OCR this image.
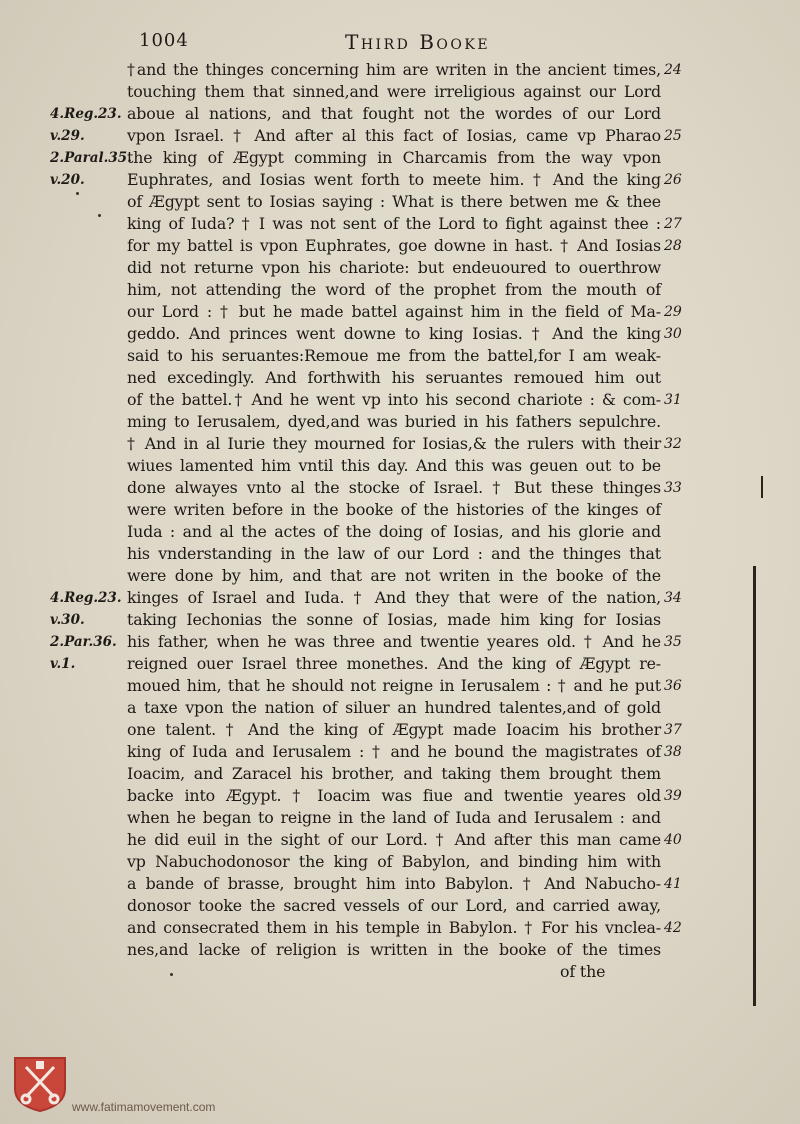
1004	Third Booke
†and the thinges concerning him are writen in the ancient times,
touching them that sinned,and were irreligious against our Lord
aboue al nations, and that fought not the wordes of our Lord
vpon Israel. † And after al this fact of Iosias, came vp Pharao
the king of Ægypt comming in Charcamis from the way vpon
Euphrates, and Iosias went forth to meete him. † And the king
of Ægypt sent to Iosias saying : What is there betwen me & thee
king of Iuda? † I was not sent of the Lord to fight against thee :
for my battel is vpon Euphrates, goe downe in hast. † And Iosias
did not returne vpon his chariote: but endeuoured to ouerthrow
him, not attending the word of the prophet from the mouth of
our Lord : † but he made battel against him in the field of Ma-
geddo. And princes went downe to king Iosias. † And the king
said to his seruantes:Remoue me from the battel,for I am weak-
ned excedingly. And forthwith his seruantes remoued him out
of the battel.† And he went vp into his second chariote : & com-
ming to Ierusalem, dyed,and was buried in his fathers sepulchre.
† And in al Iurie they mourned for Iosias,& the rulers with their
wiues lamented him vntil this day. And this was geuen out to be
done alwayes vnto al the stocke of Israel. † But these thinges
were writen before in the booke of the histories of the kinges of
Iuda : and al the actes of the doing of Iosias, and his glorie and
his vnderstanding in the law of our Lord : and the thinges that
were done by him, and that are not writen in the booke of the
kinges of Israel and Iuda. † And they that were of the nation,
taking Iechonias the sonne of Iosias, made him king for Iosias
his father, when he was three and twentie yeares old. † And he
reigned ouer Israel three monethes. And the king of Ægypt re-
moued him, that he should not reigne in Ierusalem : † and he put
a taxe vpon the nation of siluer an hundred talentes,and of gold
one talent. † And the king of Ægypt made Ioacim his brother
king of Iuda and Ierusalem : † and he bound the magistrates of
Ioacim, and Zaracel his brother, and taking them brought them
backe into Ægypt. † Ioacim was fiue and twentie yeares old
when he began to reigne in the land of Iuda and Ierusalem : and
he did euil in the sight of our Lord. † And after this man came
vp Nabuchodonosor the king of Babylon, and binding him with
a bande of brasse, brought him into Babylon. † And Nabucho-
donosor tooke the sacred vessels of our Lord, and carried away,
and consecrated them in his temple in Babylon. † For his vnclea-
nes,and lacke of religion is written in the booke of the times
of the
24
25
26
27
28
29
30
31
32
33
34
35
36
37
38
39
40
41
42
4.Reg.23.
v.29.
2.Paral.35.
v.20.
4.Reg.23.
v.30.
2.Par.36.
v.1.
www.fatimamovement.com
